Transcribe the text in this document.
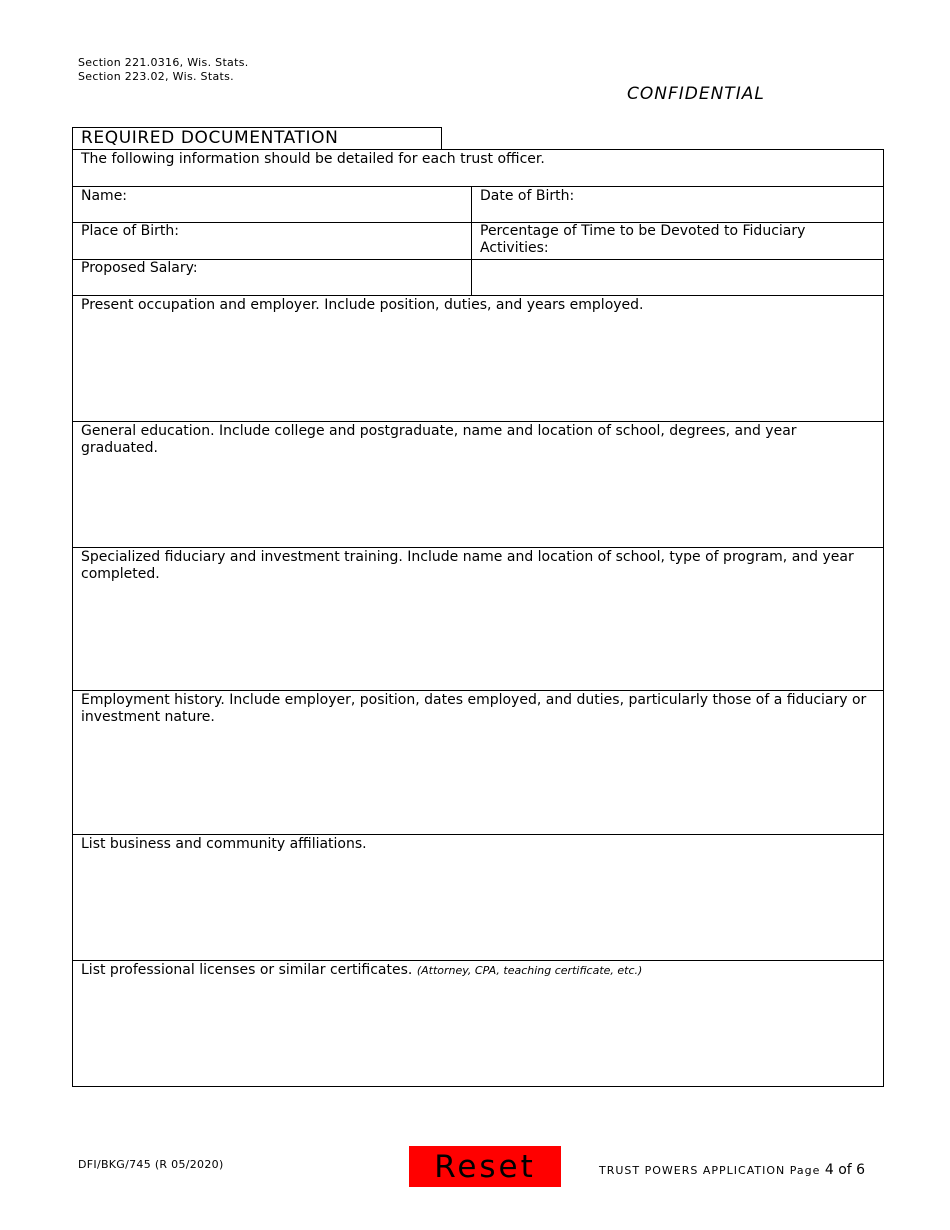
Section 221.0316, Wis. Stats.
Section 223.02, Wis. Stats.
CONFIDENTIAL
REQUIRED DOCUMENTATION
The following information should be detailed for each trust officer.
Name:	Date of Birth:
Place of Birth:	Percentage of Time to be Devoted to Fiduciary Activities:
Proposed Salary:
Present occupation and employer. Include position, duties, and years employed.
General education. Include college and postgraduate, name and location of school, degrees, and year graduated.
Specialized fiduciary and investment training. Include name and location of school, type of program, and year completed.
Employment history. Include employer, position, dates employed, and duties, particularly those of a fiduciary or investment nature.
List business and community affiliations.
List professional licenses or similar certificates. (Attorney, CPA, teaching certificate, etc.)
DFI/BKG/745 (R 05/2020)	Reset	TRUST POWERS APPLICATION Page 4 of 6
